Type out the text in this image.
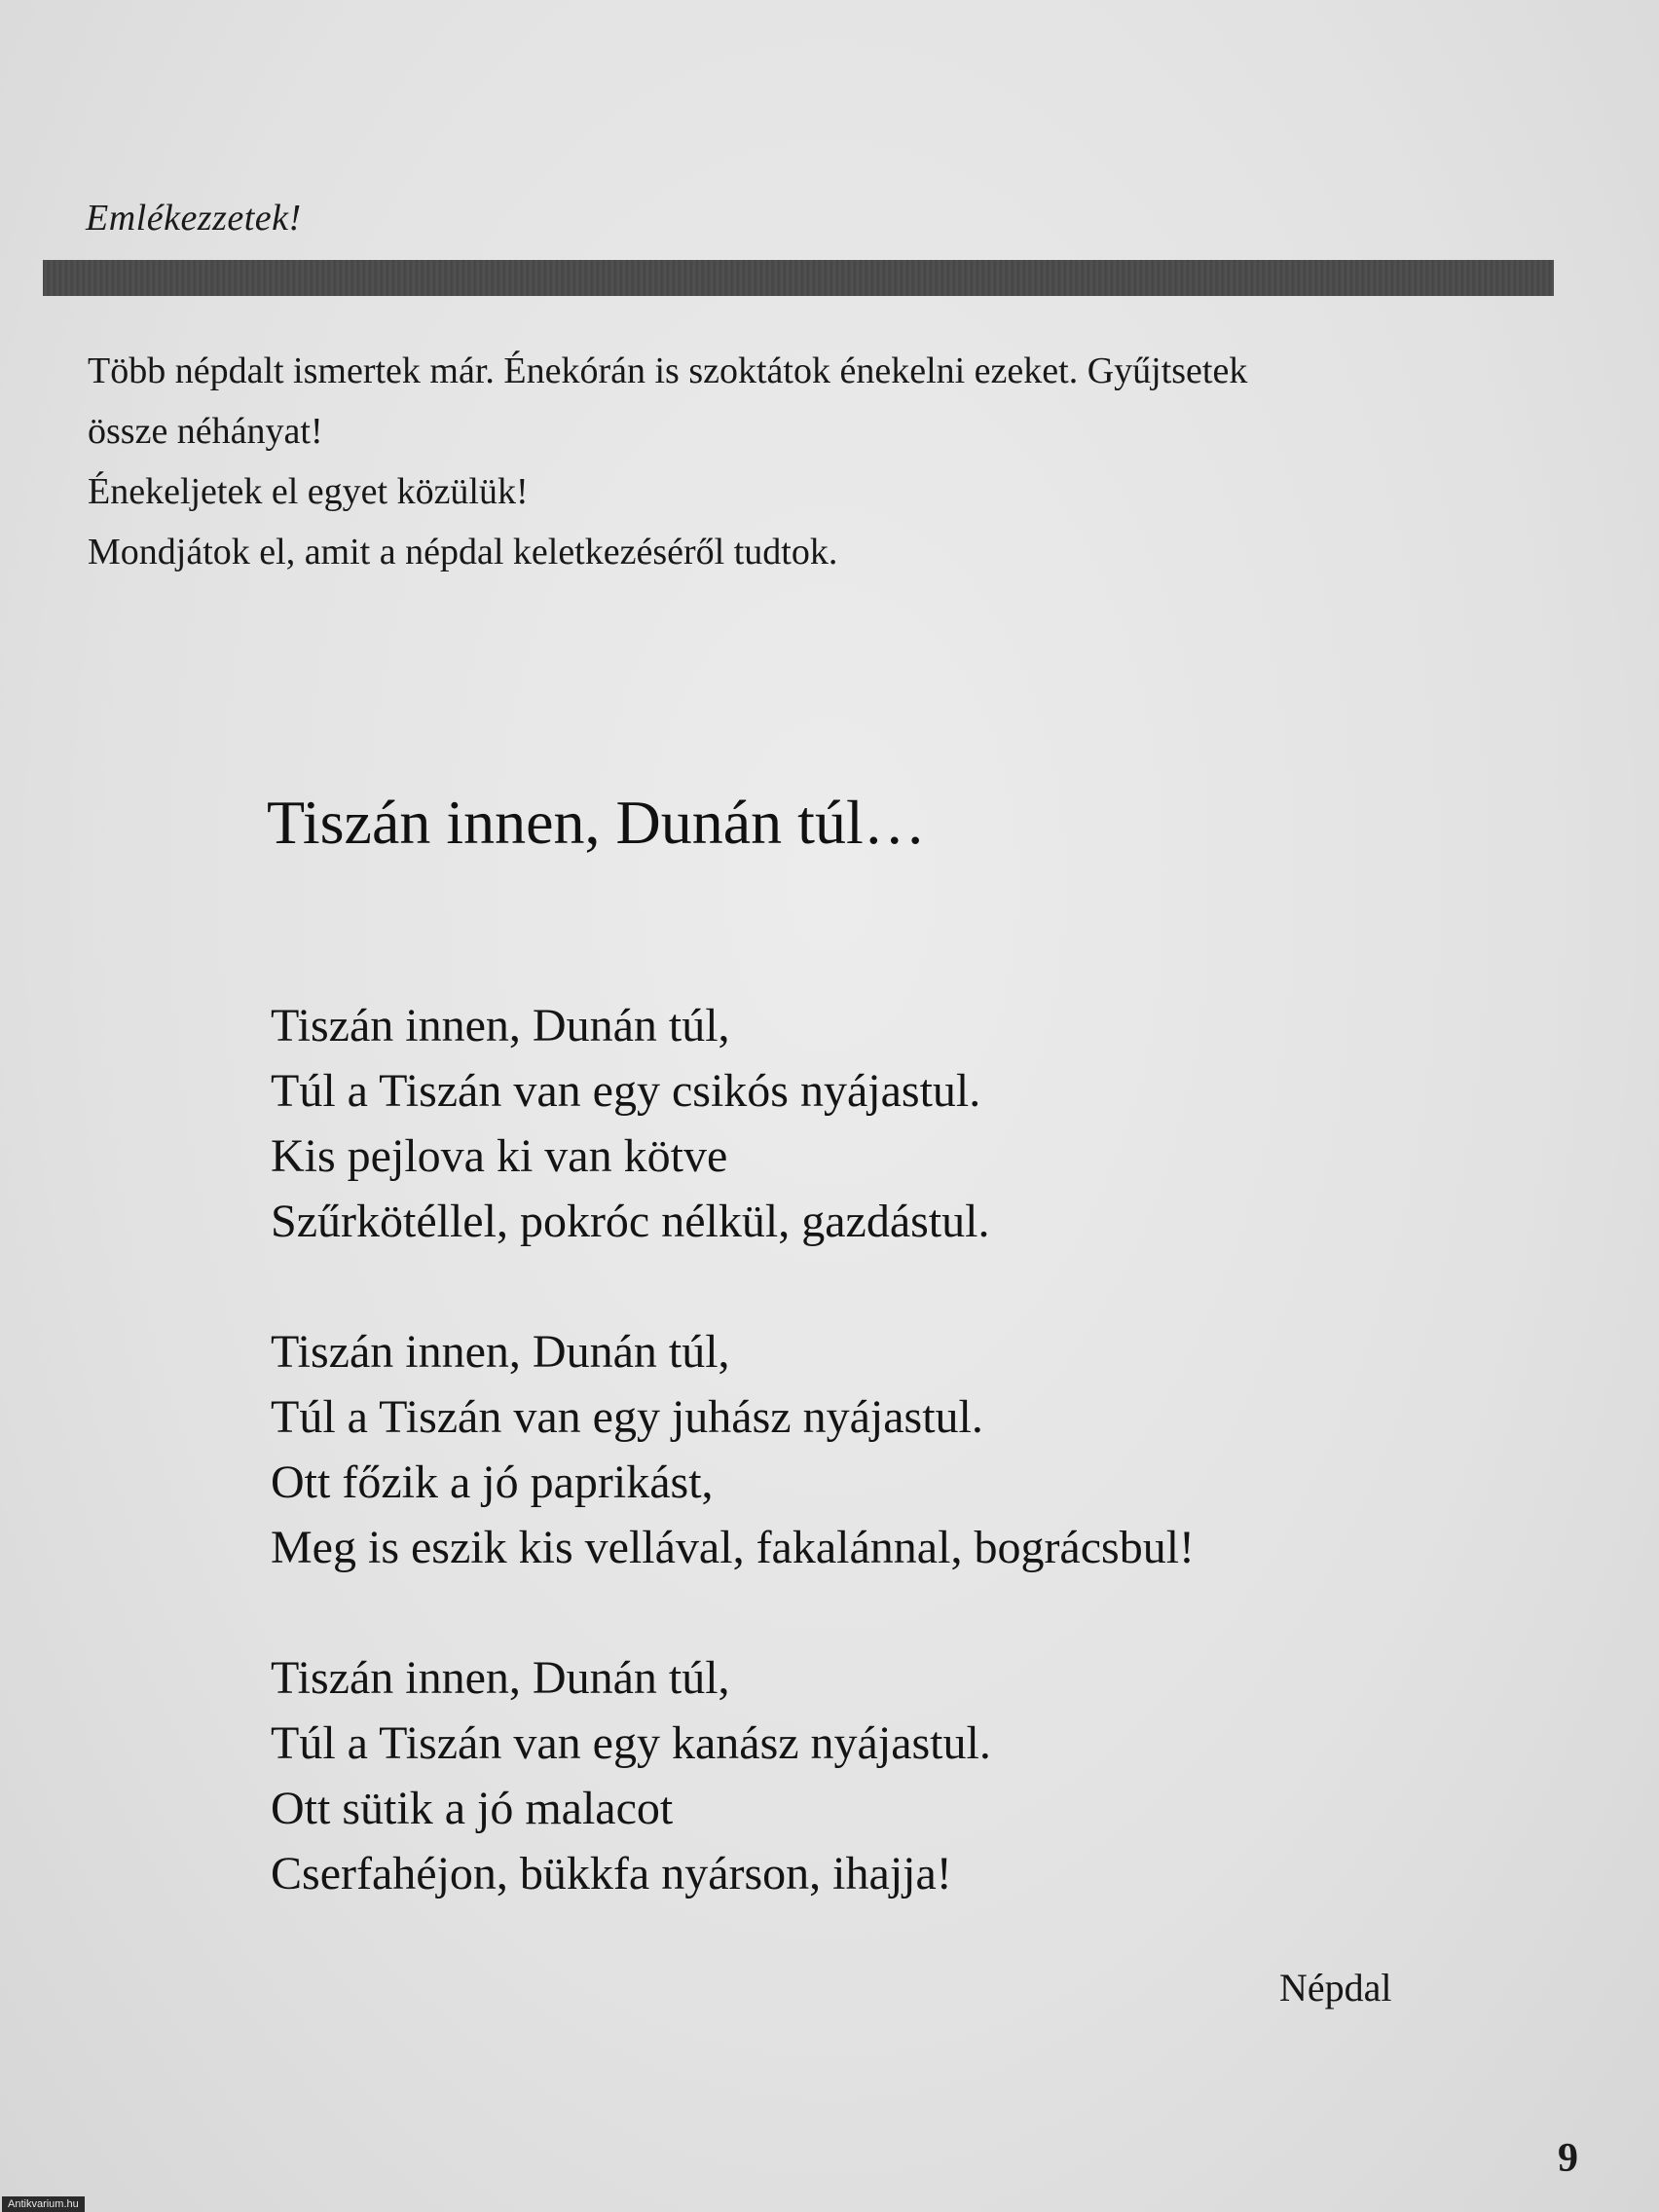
Emlékezzetek!
Több népdalt ismertek már. Énekórán is szoktátok énekelni ezeket. Gyűjtsetek
össze néhányat!
Énekeljetek el egyet közülük!
Mondjátok el, amit a népdal keletkezéséről tudtok.
Tiszán innen, Dunán túl…
Tiszán innen, Dunán túl,
Túl a Tiszán van egy csikós nyájastul.
Kis pejlova ki van kötve
Szűrkötéllel, pokróc nélkül, gazdástul.
Tiszán innen, Dunán túl,
Túl a Tiszán van egy juhász nyájastul.
Ott főzik a jó paprikást,
Meg is eszik kis vellával, fakalánnal, bográcsbul!
Tiszán innen, Dunán túl,
Túl a Tiszán van egy kanász nyájastul.
Ott sütik a jó malacot
Cserfahéjon, bükkfa nyárson, ihajja!
Népdal
9
Antikvarium.hu
